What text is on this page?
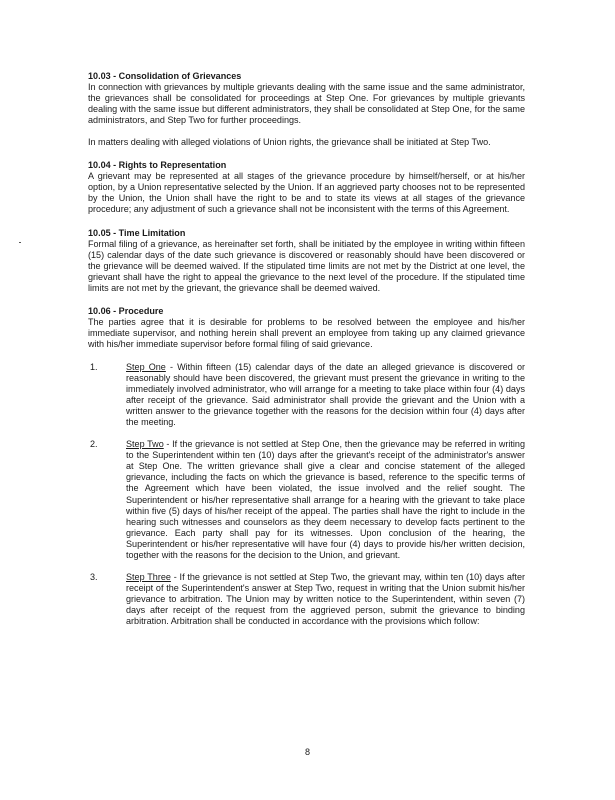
10.03 - Consolidation of Grievances

In connection with grievances by multiple grievants dealing with the same issue and the same administrator, the grievances shall be consolidated for proceedings at Step One. For grievances by multiple grievants dealing with the same issue but different administrators, they shall be consolidated at Step One, for the same administrators, and Step Two for further proceedings.

In matters dealing with alleged violations of Union rights, the grievance shall be initiated at Step Two.

10.04 - Rights to Representation

A grievant may be represented at all stages of the grievance procedure by himself/herself, or at his/her option, by a Union representative selected by the Union. If an aggrieved party chooses not to be represented by the Union, the Union shall have the right to be and to state its views at all stages of the grievance procedure; any adjustment of such a grievance shall not be inconsistent with the terms of this Agreement.

10.05 - Time Limitation

Formal filing of a grievance, as hereinafter set forth, shall be initiated by the employee in writing within fifteen (15) calendar days of the date such grievance is discovered or reasonably should have been discovered or the grievance will be deemed waived. If the stipulated time limits are not met by the District at one level, the grievant shall have the right to appeal the grievance to the next level of the procedure. If the stipulated time limits are not met by the grievant, the grievance shall be deemed waived.

10.06 - Procedure

The parties agree that it is desirable for problems to be resolved between the employee and his/her immediate supervisor, and nothing herein shall prevent an employee from taking up any claimed grievance with his/her immediate supervisor before formal filing of said grievance.

1.	Step One - Within fifteen (15) calendar days of the date an alleged grievance is discovered or reasonably should have been discovered, the grievant must present the grievance in writing to the immediately involved administrator, who will arrange for a meeting to take place within four (4) days after receipt of the grievance. Said administrator shall provide the grievant and the Union with a written answer to the grievance together with the reasons for the decision within four (4) days after the meeting.

2.	Step Two - If the grievance is not settled at Step One, then the grievance may be referred in writing to the Superintendent within ten (10) days after the grievant's receipt of the administrator's answer at Step One. The written grievance shall give a clear and concise statement of the alleged grievance, including the facts on which the grievance is based, reference to the specific terms of the Agreement which have been violated, the issue involved and the relief sought. The Superintendent or his/her representative shall arrange for a hearing with the grievant to take place within five (5) days of his/her receipt of the appeal. The parties shall have the right to include in the hearing such witnesses and counselors as they deem necessary to develop facts pertinent to the grievance. Each party shall pay for its witnesses. Upon conclusion of the hearing, the Superintendent or his/her representative will have four (4) days to provide his/her written decision, together with the reasons for the decision to the Union, and grievant.

3.	Step Three - If the grievance is not settled at Step Two, the grievant may, within ten (10) days after receipt of the Superintendent's answer at Step Two, request in writing that the Union submit his/her grievance to arbitration. The Union may by written notice to the Superintendent, within seven (7) days after receipt of the request from the aggrieved person, submit the grievance to binding arbitration. Arbitration shall be conducted in accordance with the provisions which follow:

8
